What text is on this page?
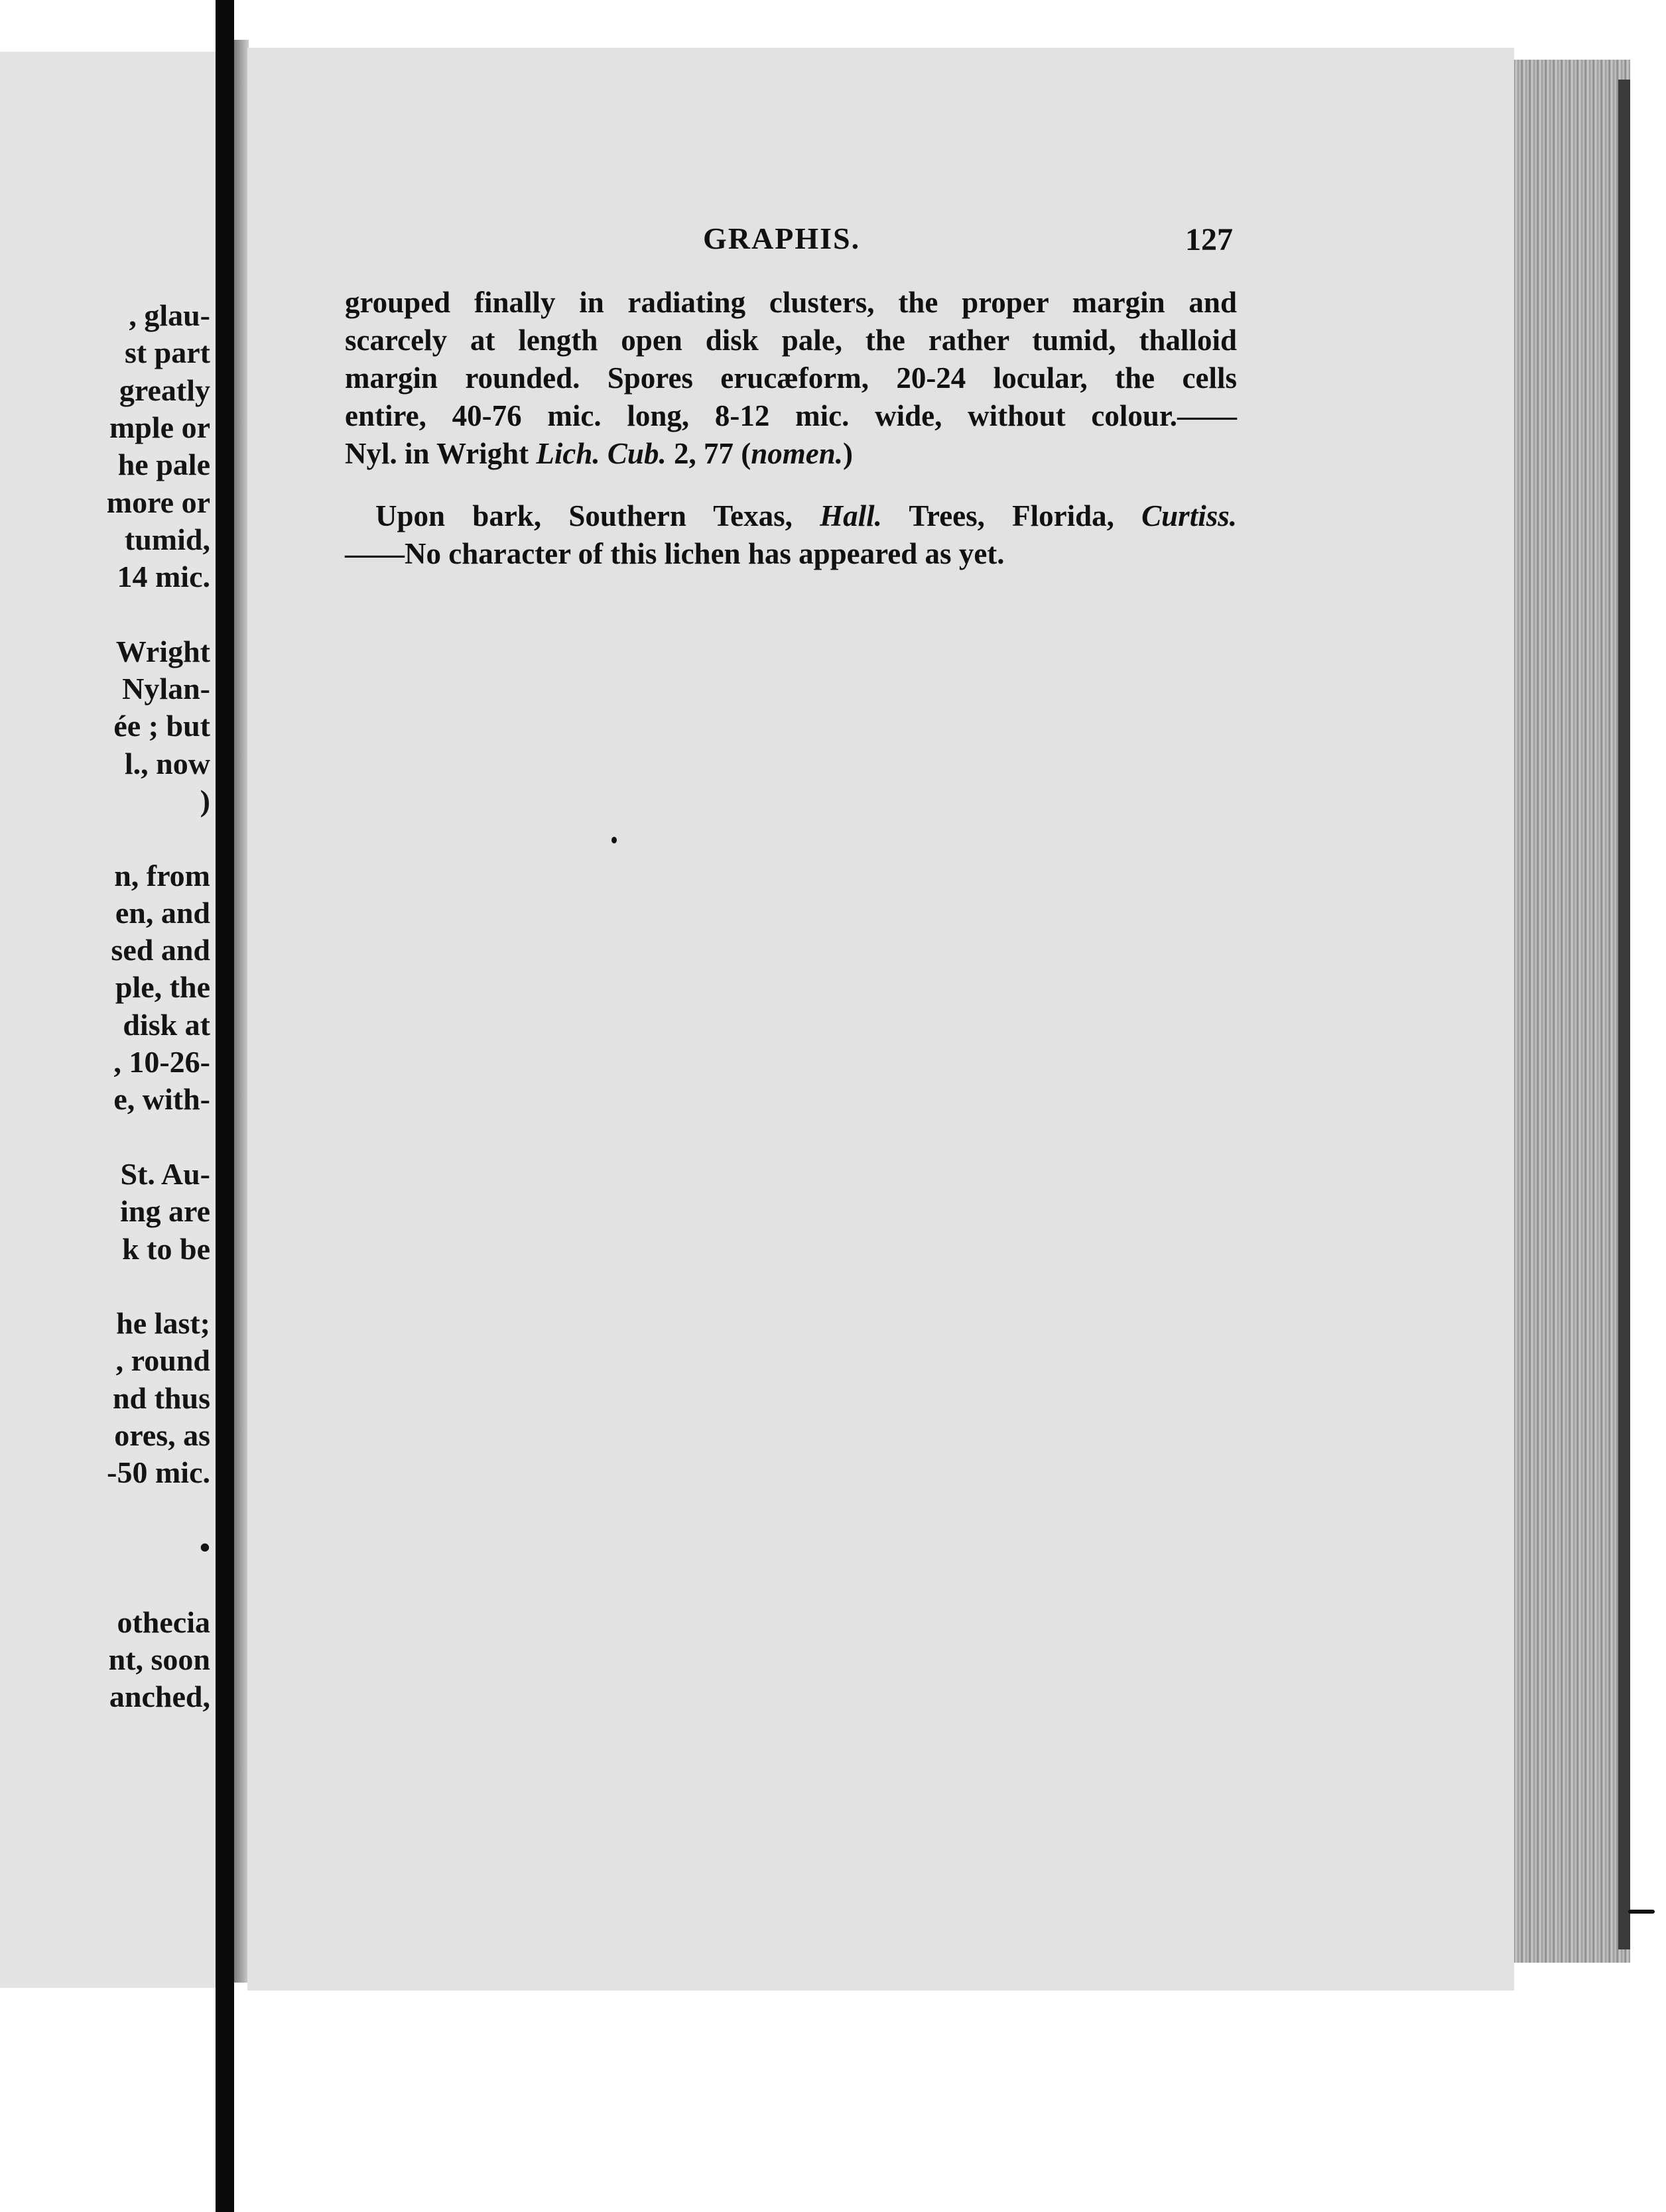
, glau-
st part
greatly
mple or
he pale
more or
tumid,
14 mic.
Wright
Nylan-
ée ; but
l., now
)
n, from
en, and
sed and
ple, the
disk at
, 10-26-
e, with-
St. Au-
ing are
k to be
he last;
, round
nd thus
ores, as
-50 mic.
•
othecia
nt, soon
anched,

GRAPHIS.	127
grouped finally in radiating clusters, the proper margin and
scarcely at length open disk pale, the rather tumid, thalloid
margin rounded. Spores erucæform, 20-24 locular, the cells
entire, 40-76 mic. long, 8-12 mic. wide, without colour.——
Nyl. in Wright Lich. Cub. 2, 77 (nomen.)
Upon bark, Southern Texas, Hall. Trees, Florida, Curtiss.
——No character of this lichen has appeared as yet.
